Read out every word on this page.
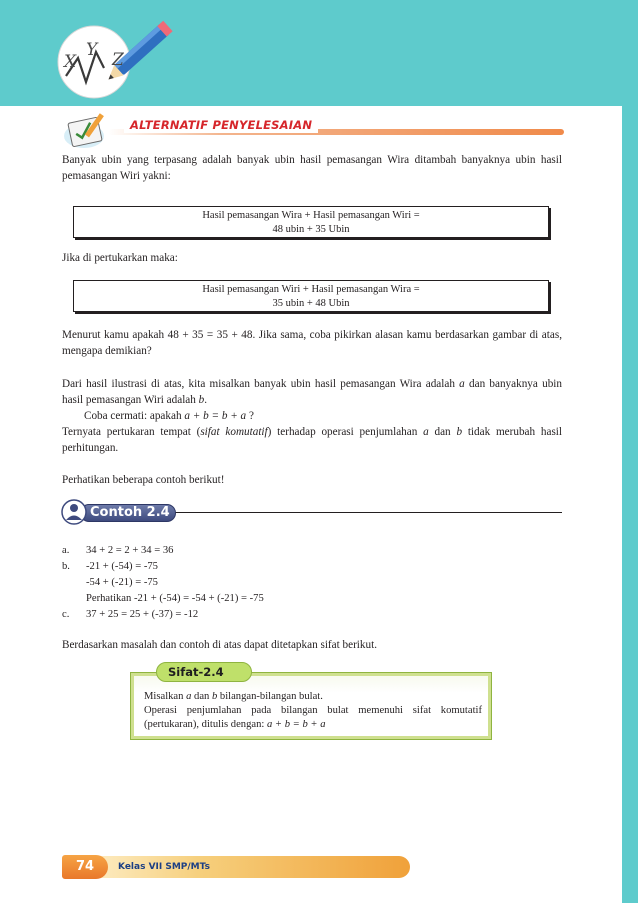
X
Y Z
ALTERNATIF PENYELESAIAN

Banyak ubin yang terpasang adalah banyak ubin hasil pemasangan Wira ditambah banyaknya ubin hasil pemasangan Wiri yakni:

Hasil pemasangan Wira + Hasil pemasangan Wiri =
48 ubin + 35 Ubin

Jika di pertukarkan maka:

Hasil pemasangan Wiri + Hasil pemasangan Wira =
35 ubin + 48 Ubin

Menurut kamu apakah 48 + 35 = 35 + 48. Jika sama, coba pikirkan alasan kamu berdasarkan gambar di atas, mengapa demikian?

Dari hasil ilustrasi di atas, kita misalkan banyak ubin hasil pemasangan Wira adalah a dan banyaknya ubin hasil pemasangan Wiri adalah b.

Coba cermati: apakah a + b = b + a ?

Ternyata pertukaran tempat (sifat komutatif) terhadap operasi penjumlahan a dan b tidak merubah hasil perhitungan.

Perhatikan beberapa contoh berikut!

Contoh 2.4
a. 34 + 2 = 2 + 34 = 36
b. -21 + (-54) = -75
-54 + (-21) = -75
Perhatikan -21 + (-54) = -54 + (-21) = -75
c. 37 + 25 = 25 + (-37) = -12

Berdasarkan masalah dan contoh di atas dapat ditetapkan sifat berikut.

Sifat-2.4
Misalkan a dan b bilangan-bilangan bulat.
Operasi penjumlahan pada bilangan bulat memenuhi sifat komutatif (pertukaran), ditulis dengan: a + b = b + a
74	Kelas VII SMP/MTs
